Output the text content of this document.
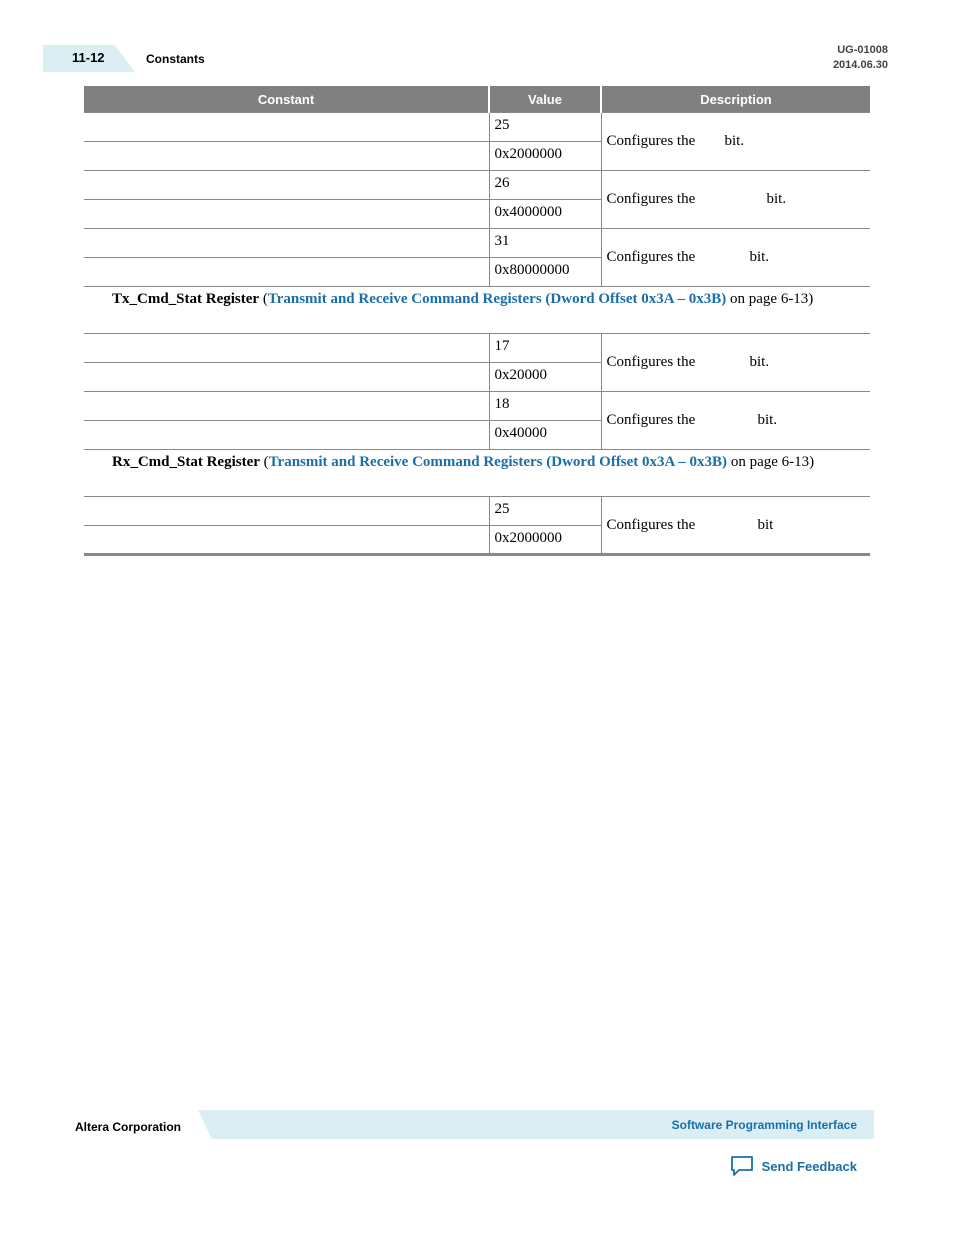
11-12	Constants
UG-01008
2014.06.30
Constant	Value	Description
	25	Configures the bit.
	0x2000000	
	26	Configures the bit.
	0x4000000	
	31	Configures the bit.
	0x80000000	
Tx_Cmd_Stat Register (Transmit and Receive Command Registers (Dword Offset 0x3A – 0x3B) on page 6-13)		
	17	Configures the bit.
	0x20000	
	18	Configures the bit.
	0x40000	
Rx_Cmd_Stat Register (Transmit and Receive Command Registers (Dword Offset 0x3A – 0x3B) on page 6-13)		
	25	Configures the bit
	0x2000000	
Altera Corporation	Software Programming Interface
Send Feedback
